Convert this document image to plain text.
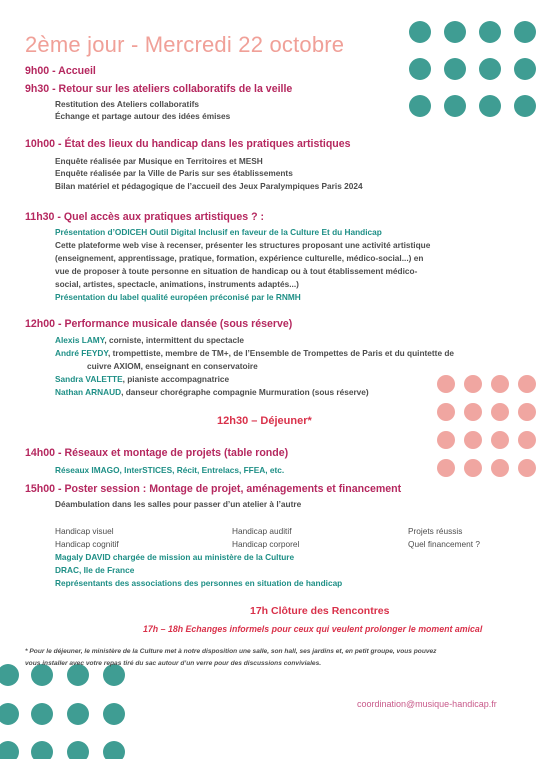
2ème jour - Mercredi 22 octobre
9h00 - Accueil
9h30 - Retour sur les ateliers collaboratifs de la veille
Restitution des Ateliers collaboratifs
Échange et partage autour des idées émises
10h00 - État des lieux du handicap dans les pratiques artistiques
Enquête réalisée par Musique en Territoires et MESH
Enquête réalisée par la Ville de Paris sur ses établissements
Bilan matériel et pédagogique de l’accueil des Jeux Paralympiques Paris 2024
11h30 - Quel accès aux pratiques artistiques ? :
Présentation d’ODICEH Outil Digital Inclusif en faveur de la Culture Et du Handicap
Cette plateforme web vise à recenser, présenter les structures proposant une activité artistique
(enseignement, apprentissage, pratique, formation, expérience culturelle, médico-social...) en
vue de proposer à toute personne en situation de handicap ou à tout établissement médico-
social, artistes, spectacle, animations, instruments adaptés...)
Présentation du label qualité européen préconisé par le RNMH
12h00 - Performance musicale dansée (sous réserve)
Alexis LAMY, corniste, intermittent du spectacle
André FEYDY, trompettiste, membre de TM+, de l’Ensemble de Trompettes de Paris et du quintette de
cuivre AXIOM, enseignant en conservatoire
Sandra VALETTE, pianiste accompagnatrice
Nathan ARNAUD, danseur chorégraphe compagnie Murmuration (sous réserve)
12h30 – Déjeuner*
14h00 - Réseaux et montage de projets (table ronde)
Réseaux IMAGO, InterSTICES, Récit, Entrelacs, FFEA, etc.
15h00 - Poster session : Montage de projet, aménagements et financement
Déambulation dans les salles pour passer d’un atelier à l’autre
Handicap visuel	Handicap auditif	Projets réussis
Handicap cognitif	Handicap corporel	Quel financement ?
Magaly DAVID chargée de mission au ministère de la Culture
DRAC, Ile de France
Représentants des associations des personnes en situation de handicap
17h Clôture des Rencontres
17h – 18h Echanges informels pour ceux qui veulent prolonger le moment amical
* Pour le déjeuner, le ministère de la Culture met à notre disposition une salle, son hall, ses jardins et, en petit groupe, vous pouvez
vous installer avec votre repas tiré du sac autour d’un verre pour des discussions conviviales.
coordination@musique-handicap.fr
